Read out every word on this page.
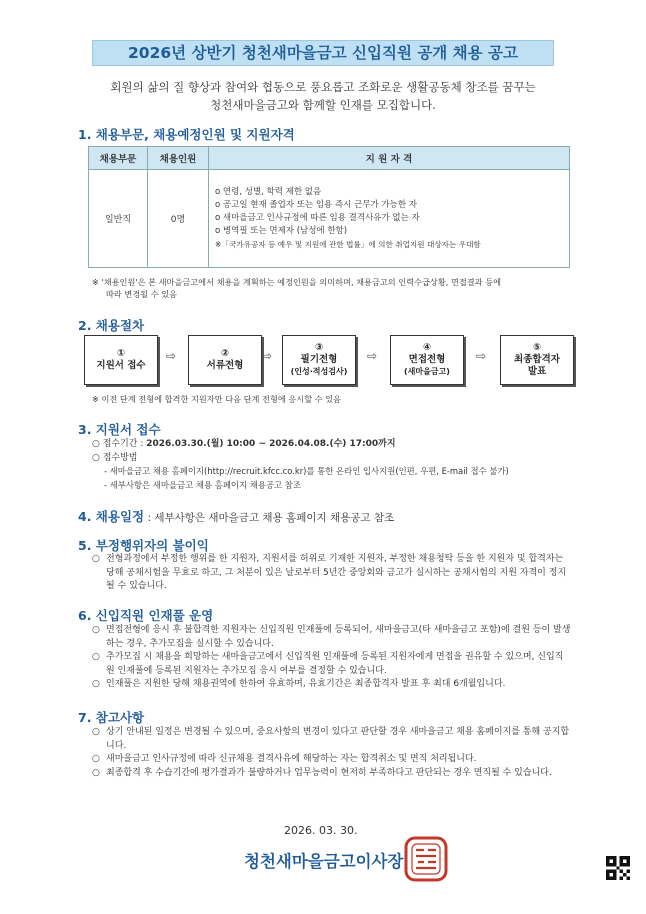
2026년 상반기 청천새마을금고 신입직원 공개 채용 공고
회원의 삶의 질 향상과 참여와 협동으로 풍요롭고 조화로운 생활공동체 창조를 꿈꾸는
청천새마을금고와 함께할 인재를 모집합니다.
1. 채용부문, 채용예정인원 및 지원자격
채용부문	채용인원	지 원 자 격
일반직	0명	o 연령, 성별, 학력 제한 없음
o 공고일 현재 졸업자 또는 임용 즉시 근무가 가능한 자
o 새마을금고 인사규정에 따른 임용 결격사유가 없는 자
o 병역필 또는 면제자 (남성에 한함)
※「국가유공자 등 예우 및 지원에 관한 법률」에 의한 취업지원 대상자는 우대함
※ '채용인원'은 본 새마을금고에서 채용을 계획하는 예정인원을 의미하며, 채용금고의 인력수급상황, 면접결과 등에
따라 변경될 수 있음
2. 채용절차
①
지원서 접수
⇨	②
서류전형
⇨
③
필기전형
(인성·적성검사)
⇨
④
면접전형
(새마을금고)
⇨
⑤
최종합격자
발표
※ 이전 단계 전형에 합격한 지원자만 다음 단계 전형에 응시할 수 있음
3. 지원서 접수
○ 접수기간 : 2026.03.30.(월) 10:00 ~ 2026.04.08.(수) 17:00까지
○ 접수방법
- 새마을금고 채용 홈페이지(http://recruit.kfcc.co.kr)를 통한 온라인 입사지원(인편, 우편, E-mail 접수 불가)
- 세부사항은 새마을금고 채용 홈페이지 채용공고 참조
4. 채용일정 : 세부사항은 새마을금고 채용 홈페이지 채용공고 참조
5. 부정행위자의 불이익
○ 전형과정에서 부정한 행위를 한 지원자, 지원서를 허위로 기재한 지원자, 부정한 채용청탁 등을 한 지원자 및 합격자는 당해 공채시험을 무효로 하고, 그 처분이 있은 날로부터 5년간 중앙회와 금고가 실시하는 공채시험의 지원 자격이 정지될 수 있습니다.
6. 신입직원 인재풀 운영
○ 면접전형에 응시 후 불합격한 지원자는 신입직원 인재풀에 등록되어, 새마을금고(타 새마을금고 포함)에 결원 등이 발생하는 경우, 추가모집을 실시할 수 있습니다.
○ 추가모집 시 채용을 희망하는 새마을금고에서 신입직원 인재풀에 등록된 지원자에게 면접을 권유할 수 있으며, 신입직원 인재풀에 등록된 지원자는 추가모집 응시 여부를 결정할 수 있습니다.
○ 인재풀은 지원한 당해 채용권역에 한하여 유효하며, 유효기간은 최종합격자 발표 후 최대 6개월입니다.
7. 참고사항
○ 상기 안내된 일정은 변경될 수 있으며, 중요사항의 변경이 있다고 판단할 경우 새마을금고 채용 홈페이지를 통해 공지합니다.
○ 새마을금고 인사규정에 따라 신규채용 결격사유에 해당하는 자는 합격취소 및 면직 처리됩니다.
○ 최종합격 후 수습기간에 평가결과가 불량하거나 업무능력이 현저히 부족하다고 판단되는 경우 면직될 수 있습니다.
2026. 03. 30.
청천새마을금고이사장
